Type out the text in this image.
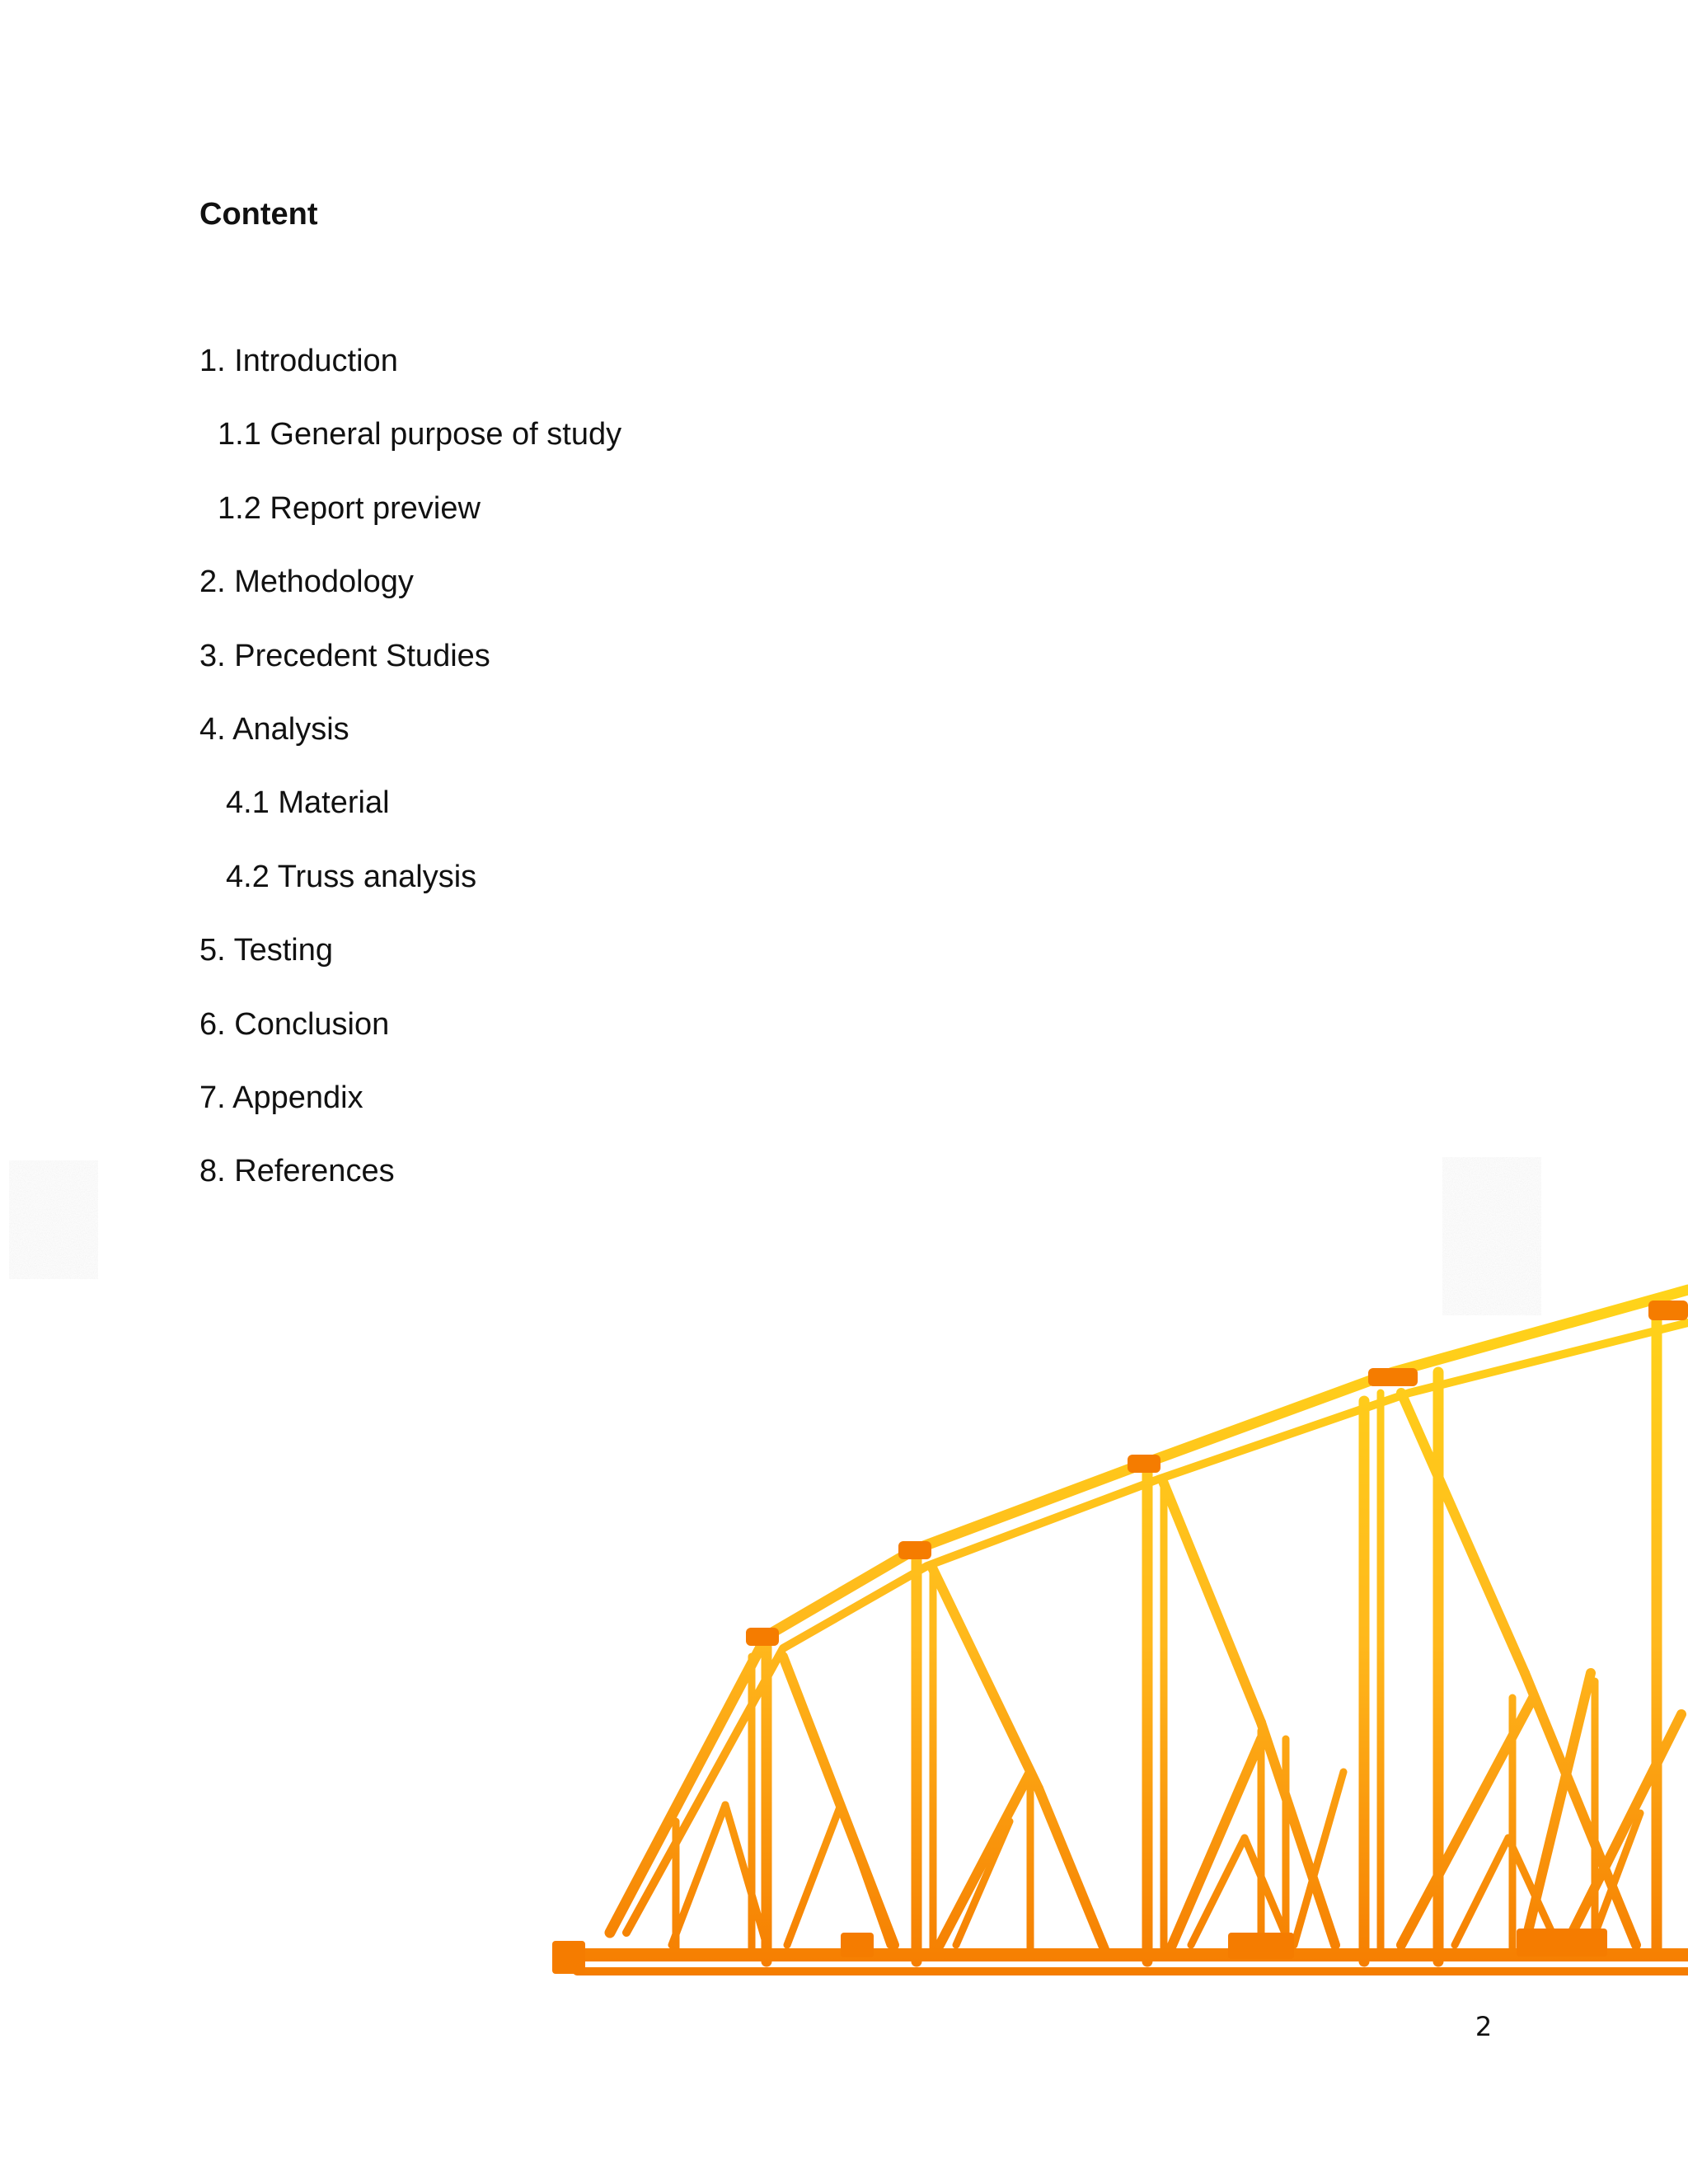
Content
1. Introduction
1.1 General purpose of study
1.2 Report preview
2. Methodology
3. Precedent Studies
4. Analysis
4.1 Material
4.2 Truss analysis
5. Testing
6. Conclusion
7. Appendix
8. References
2
